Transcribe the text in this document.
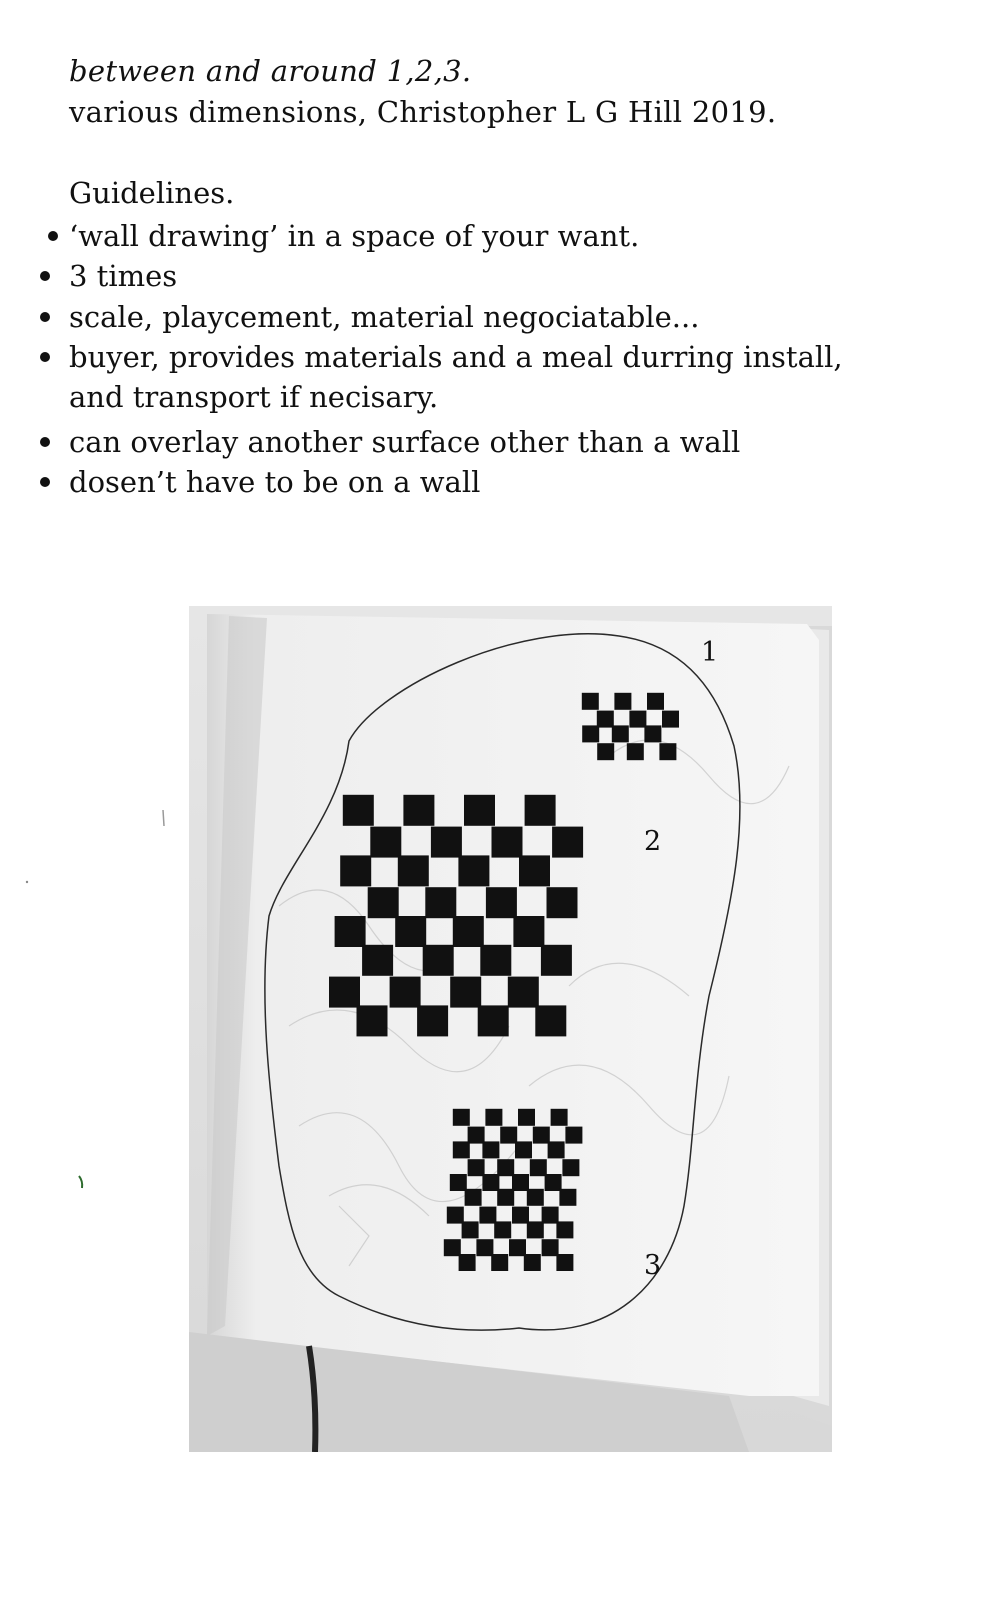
between and around 1,2,3.
various dimensions, Christopher L G Hill 2019.
Guidelines.
‘wall drawing’ in a space of your want.
3 times
scale, playcement, material negociatable...
buyer, provides materials and a meal durring install,
and transport if necisary.
can overlay another surface other than a wall
dosen’t have to be on a wall
1
2
3
